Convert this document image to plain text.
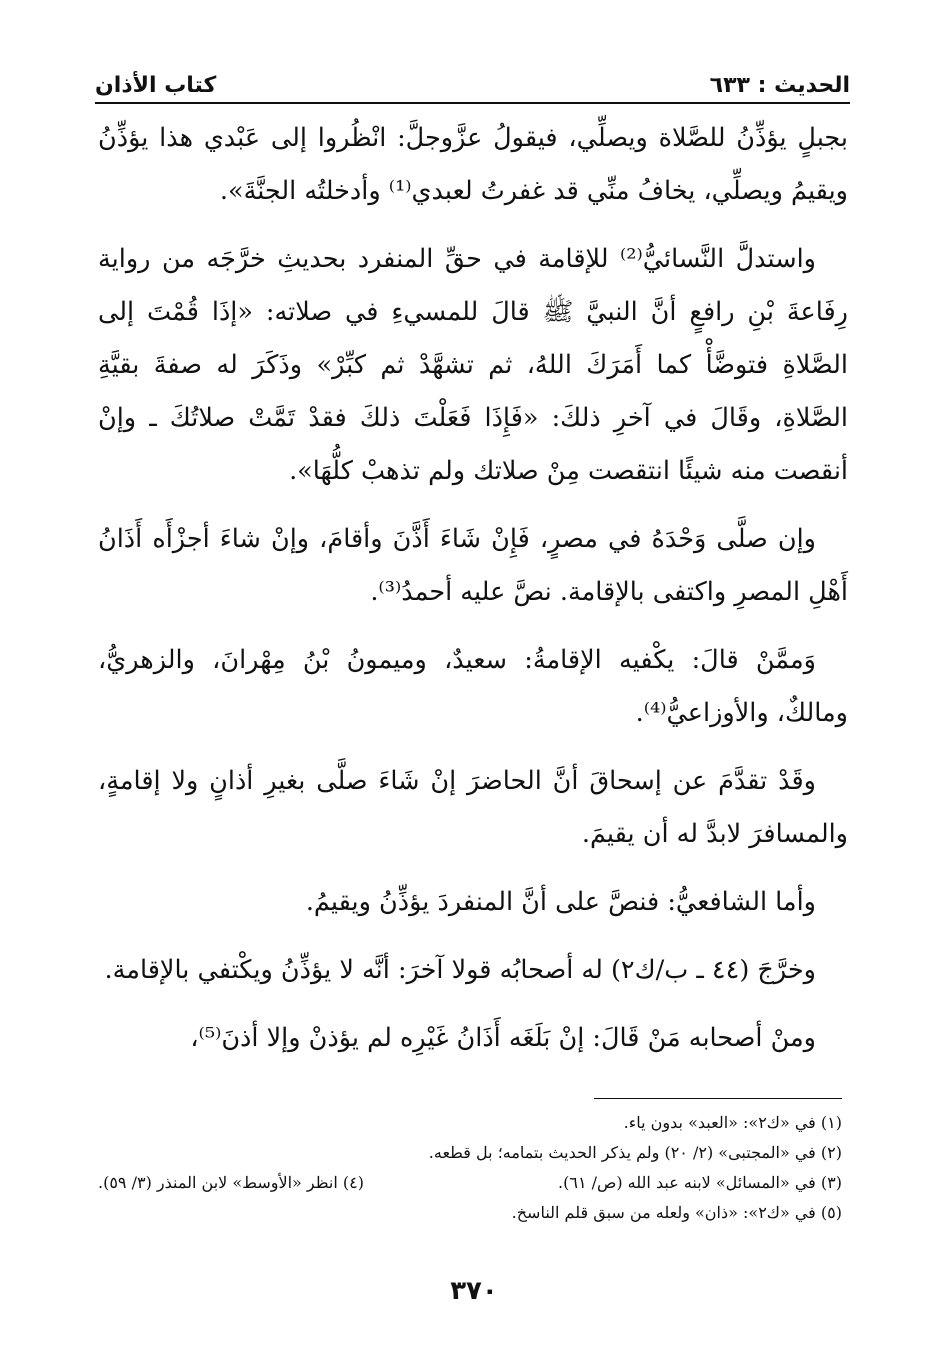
الحديث : ٦٣٣
كتاب الأذان

بجبلٍ يؤذِّنُ للصَّلاة ويصلِّي، فيقولُ عزَّوجلَّ: انْظُروا إلى عَبْدي هذا يؤذِّنُ ويقيمُ ويصلِّي، يخافُ منِّي قد غفرتُ لعبدي⁽¹⁾ وأدخلتُه الجنَّةَ».

واستدلَّ النَّسائيُّ⁽²⁾ للإقامة في حقِّ المنفرد بحديثِ خرَّجَه من رواية رِفَاعةَ بْنِ رافعٍ أنَّ النبيَّ ﷺ قالَ للمسيءِ في صلاته: «إذَا قُمْتَ إلى الصَّلاةِ فتوضَّأْ كما أَمَرَكَ اللهُ، ثم تشهَّدْ ثم كبِّرْ» وذَكَرَ له صفةَ بقيَّةِ الصَّلاةِ، وقَالَ في آخرِ ذلكَ: «فَإِذَا فَعَلْتَ ذلكَ فقدْ تَمَّتْ صلاتُكَ ـ وإنْ أنقصت منه شيئًا انتقصت مِنْ صلاتك ولم تذهبْ كلُّهَا».

وإن صلَّى وَحْدَهُ في مصرٍ، فَإِنْ شَاءَ أَذَّنَ وأقامَ، وإنْ شاءَ أجزْأَه أَذَانُ أَهْلِ المصرِ واكتفى بالإقامة. نصَّ عليه أحمدُ⁽³⁾.

وَممَّنْ قالَ: يكْفيه الإقامةُ: سعيدٌ، وميمونُ بْنُ مِهْرانَ، والزهريُّ، ومالكٌ، والأوزاعيُّ⁽⁴⁾.

وقَدْ تقدَّمَ عن إسحاقَ أنَّ الحاضرَ إنْ شَاءَ صلَّى بغيرِ أذانٍ ولا إقامةٍ، والمسافرَ لابدَّ له أن يقيمَ.

وأما الشافعيُّ: فنصَّ على أنَّ المنفردَ يؤذِّنُ ويقيمُ.

وخرَّجَ (٤٤ ـ ب/ك٢) له أصحابُه قولا آخرَ: أنَّه لا يؤذِّنُ ويكْتفي بالإقامة.

ومنْ أصحابه مَنْ قَالَ: إنْ بَلَغَه أَذَانُ غَيْرِه لم يؤذنْ وإلا أذنَ⁽⁵⁾،

(١) في «ك٢»: «العبد» بدون ياء.
(٢) في «المجتبى» (٢/ ٢٠) ولم يذكر الحديث بتمامه؛ بل قطعه.
(٣) في «المسائل» لابنه عبد الله (ص/ ٦١).
(٤) انظر «الأوسط» لابن المنذر (٣/ ٥٩).
(٥) في «ك٢»: «ذان» ولعله من سبق قلم الناسخ.
٣٧٠
